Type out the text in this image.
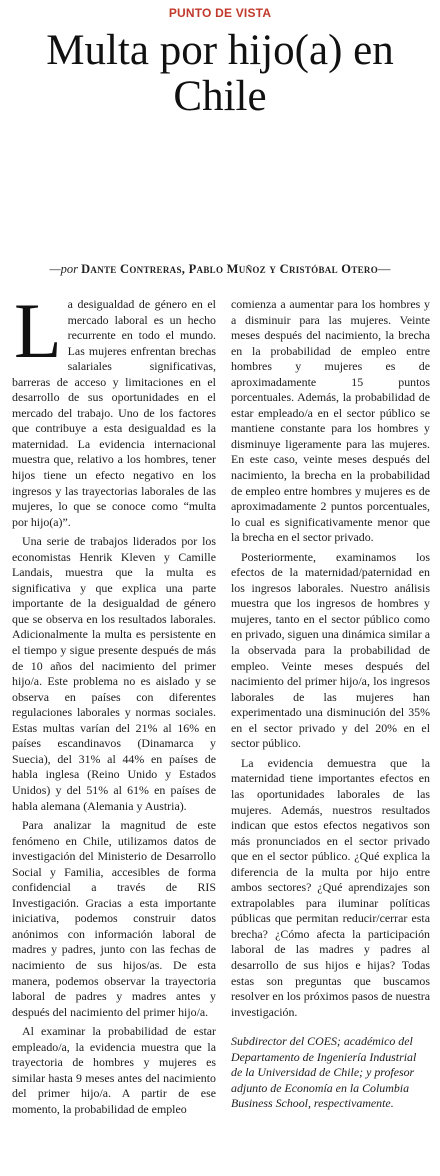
PUNTO DE VISTA
Multa por hijo(a) en Chile
—por Dante Contreras, Pablo Muñoz y Cristóbal Otero—

La desigualdad de género en el mercado laboral es un hecho recurrente en todo el mundo. Las mujeres enfrentan brechas salariales significativas, barreras de acceso y limitaciones en el desarrollo de sus oportunidades en el mercado del trabajo. Uno de los factores que contribuye a esta desigualdad es la maternidad. La evidencia internacional muestra que, relativo a los hombres, tener hijos tiene un efecto negativo en los ingresos y las trayectorias laborales de las mujeres, lo que se conoce como “multa por hijo(a)”.

Una serie de trabajos liderados por los economistas Henrik Kleven y Camille Landais, muestra que la multa es significativa y que explica una parte importante de la desigualdad de género que se observa en los resultados laborales. Adicionalmente la multa es persistente en el tiempo y sigue presente después de más de 10 años del nacimiento del primer hijo/a. Este problema no es aislado y se observa en países con diferentes regulaciones laborales y normas sociales. Estas multas varían del 21% al 16% en países escandinavos (Dinamarca y Suecia), del 31% al 44% en países de habla inglesa (Reino Unido y Estados Unidos) y del 51% al 61% en países de habla alemana (Alemania y Austria).

Para analizar la magnitud de este fenómeno en Chile, utilizamos datos de investigación del Ministerio de Desarrollo Social y Familia, accesibles de forma confidencial a través de RIS Investigación. Gracias a esta importante iniciativa, podemos construir datos anónimos con información laboral de madres y padres, junto con las fechas de nacimiento de sus hijos/as. De esta manera, podemos observar la trayectoria laboral de padres y madres antes y después del nacimiento del primer hijo/a.

Al examinar la probabilidad de estar empleado/a, la evidencia muestra que la trayectoria de hombres y mujeres es similar hasta 9 meses antes del nacimiento del primer hijo/a. A partir de ese momento, la probabilidad de empleo

comienza a aumentar para los hombres y a disminuir para las mujeres. Veinte meses después del nacimiento, la brecha en la probabilidad de empleo entre hombres y mujeres es de aproximadamente 15 puntos porcentuales. Además, la probabilidad de estar empleado/a en el sector público se mantiene constante para los hombres y disminuye ligeramente para las mujeres. En este caso, veinte meses después del nacimiento, la brecha en la probabilidad de empleo entre hombres y mujeres es de aproximadamente 2 puntos porcentuales, lo cual es significativamente menor que la brecha en el sector privado.

Posteriormente, examinamos los efectos de la maternidad/paternidad en los ingresos laborales. Nuestro análisis muestra que los ingresos de hombres y mujeres, tanto en el sector público como en privado, siguen una dinámica similar a la observada para la probabilidad de empleo. Veinte meses después del nacimiento del primer hijo/a, los ingresos laborales de las mujeres han experimentado una disminución del 35% en el sector privado y del 20% en el sector público.

La evidencia demuestra que la maternidad tiene importantes efectos en las oportunidades laborales de las mujeres. Además, nuestros resultados indican que estos efectos negativos son más pronunciados en el sector privado que en el sector público. ¿Qué explica la diferencia de la multa por hijo entre ambos sectores? ¿Qué aprendizajes son extrapolables para iluminar políticas públicas que permitan reducir/cerrar esta brecha? ¿Cómo afecta la participación laboral de las madres y padres al desarrollo de sus hijos e hijas? Todas estas son preguntas que buscamos resolver en los próximos pasos de nuestra investigación.

Subdirector del COES; académico del Departamento de Ingeniería Industrial de la Universidad de Chile; y profesor adjunto de Economía en la Columbia Business School, respectivamente.
